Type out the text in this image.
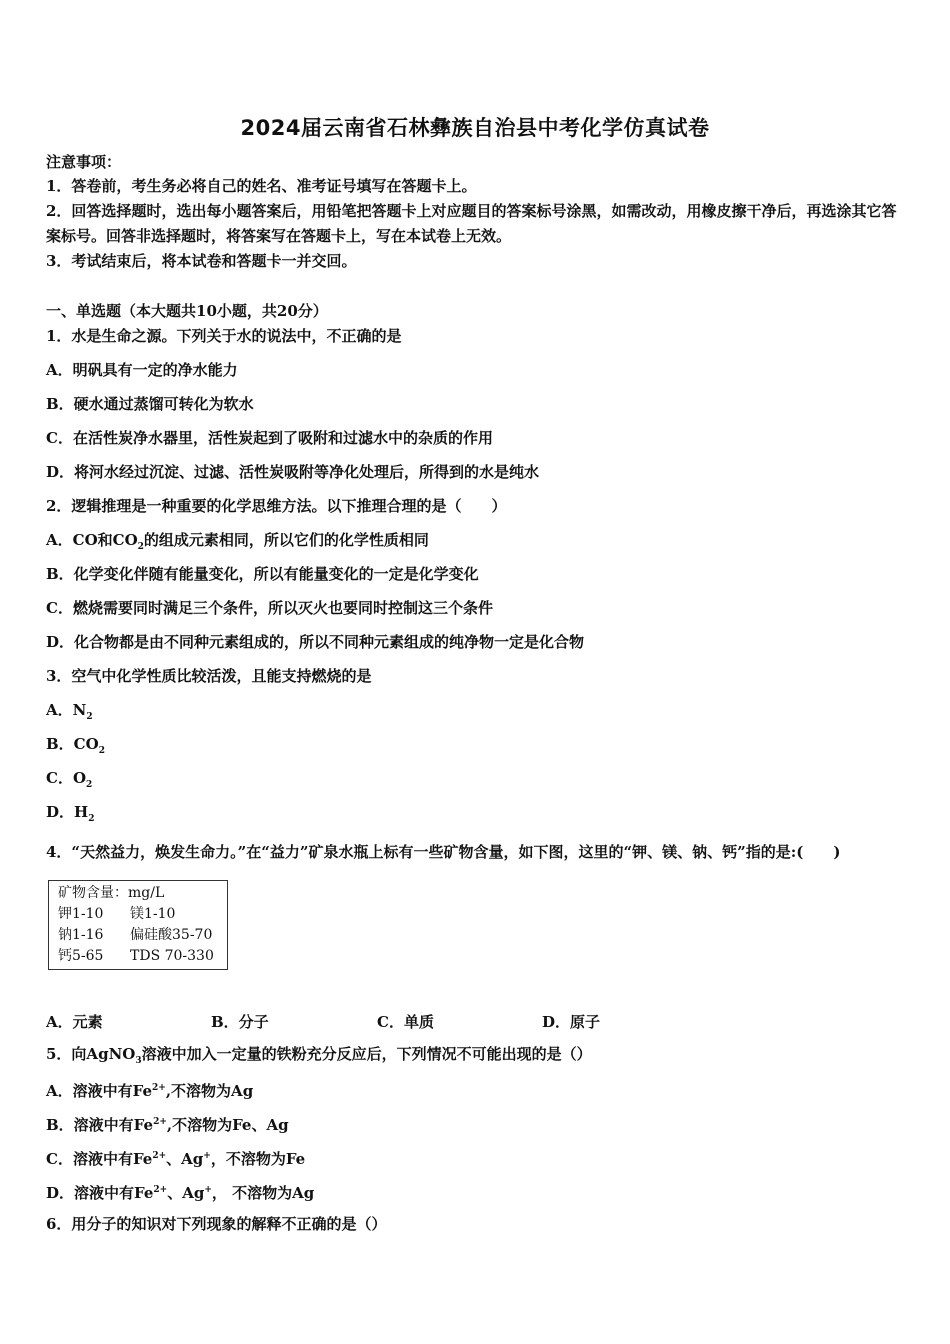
2024届云南省石林彝族自治县中考化学仿真试卷
注意事项：
1．答卷前，考生务必将自己的姓名、准考证号填写在答题卡上。
2．回答选择题时，选出每小题答案后，用铅笔把答题卡上对应题目的答案标号涂黑，如需改动，用橡皮擦干净后，再选涂其它答案标号。回答非选择题时，将答案写在答题卡上，写在本试卷上无效。
3．考试结束后，将本试卷和答题卡一并交回。
一、单选题（本大题共10小题，共20分）
1．水是生命之源。下列关于水的说法中，不正确的是
A．明矾具有一定的净水能力
B．硬水通过蒸馏可转化为软水
C．在活性炭净水器里，活性炭起到了吸附和过滤水中的杂质的作用
D．将河水经过沉淀、过滤、活性炭吸附等净化处理后，所得到的水是纯水
2．逻辑推理是一种重要的化学思维方法。以下推理合理的是（　　）
A．CO和$CO_2$的组成元素相同，所以它们的化学性质相同
B．化学变化伴随有能量变化，所以有能量变化的一定是化学变化
C．燃烧需要同时满足三个条件，所以灭火也要同时控制这三个条件
D．化合物都是由不同种元素组成的，所以不同种元素组成的纯净物一定是化合物
3．空气中化学性质比较活泼，且能支持燃烧的是
A．$N_2$
B．$CO_2$
C．$O_2$
D．$H_2$
4．“天然益力，焕发生命力。”在“益力”矿泉水瓶上标有一些矿物含量，如下图，这里的“钾、镁、钠、钙”指的是:(　　)
矿物含量：mg/L
钾1-10 镁1-10
钠1-16 偏硅酸35-70
钙5-65 TDS 70-330
A．元素	B．分子	C．单质	D．原子
5．向AgNO$_3$溶液中加入一定量的铁粉充分反应后，下列情况不可能出现的是（）
A．溶液中有$Fe^{2+}$,不溶物为Ag
B．溶液中有$Fe^{2+}$,不溶物为Fe、Ag
C．溶液中有$Fe^{2+}$、Ag+，不溶物为Fe
D．溶液中有$Fe^{2+}$、Ag+， 不溶物为Ag
6．用分子的知识对下列现象的解释不正确的是（）
